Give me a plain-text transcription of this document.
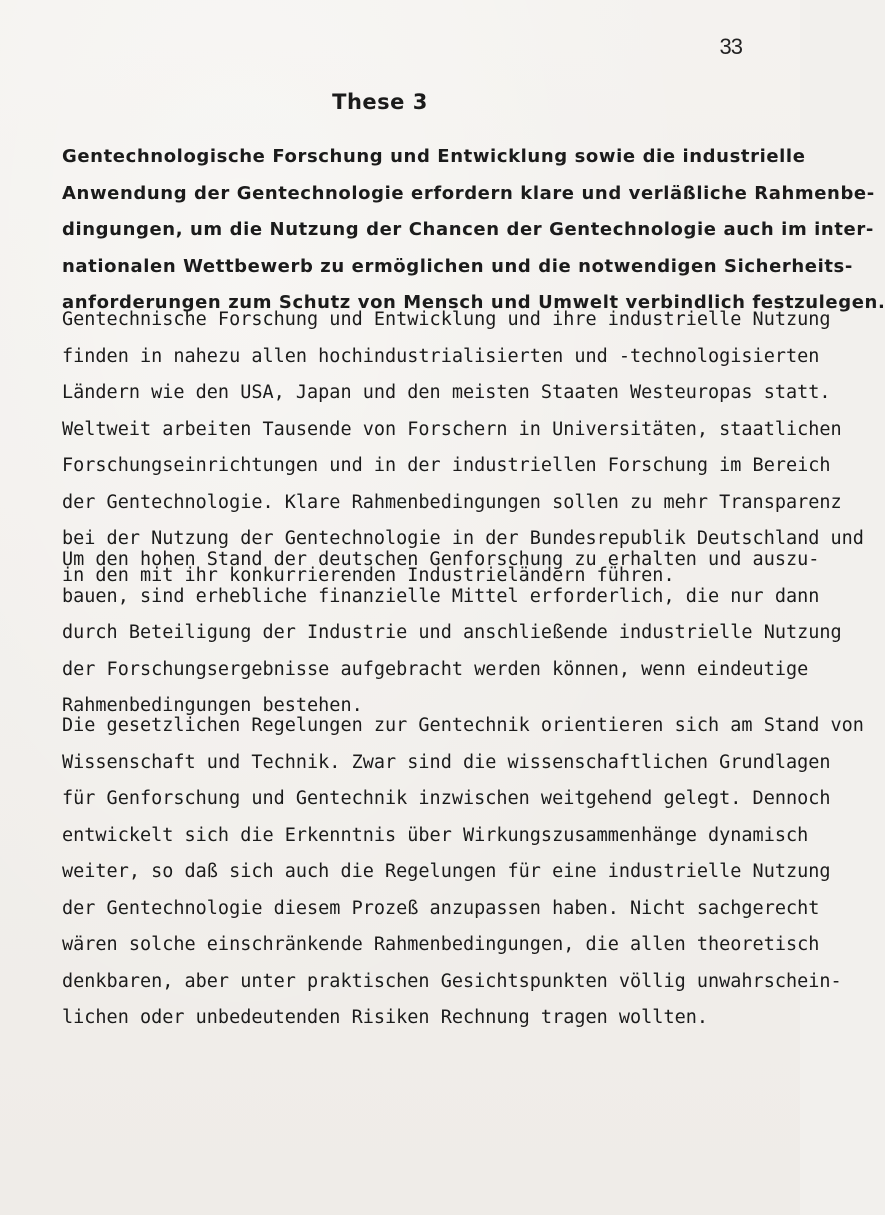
33
These 3
Gentechnologische Forschung und Entwicklung sowie die industrielle
Anwendung der Gentechnologie erfordern klare und verläßliche Rahmenbe-
dingungen, um die Nutzung der Chancen der Gentechnologie auch im inter-
nationalen Wettbewerb zu ermöglichen und die notwendigen Sicherheits-
anforderungen zum Schutz von Mensch und Umwelt verbindlich festzulegen.
Gentechnische Forschung und Entwicklung und ihre industrielle Nutzung
finden in nahezu allen hochindustrialisierten und -technologisierten
Ländern wie den USA, Japan und den meisten Staaten Westeuropas statt.
Weltweit arbeiten Tausende von Forschern in Universitäten, staatlichen
Forschungseinrichtungen und in der industriellen Forschung im Bereich
der Gentechnologie. Klare Rahmenbedingungen sollen zu mehr Transparenz
bei der Nutzung der Gentechnologie in der Bundesrepublik Deutschland und
in den mit ihr konkurrierenden Industrieländern führen.
Um den hohen Stand der deutschen Genforschung zu erhalten und auszu-
bauen, sind erhebliche finanzielle Mittel erforderlich, die nur dann
durch Beteiligung der Industrie und anschließende industrielle Nutzung
der Forschungsergebnisse aufgebracht werden können, wenn eindeutige
Rahmenbedingungen bestehen.
Die gesetzlichen Regelungen zur Gentechnik orientieren sich am Stand von
Wissenschaft und Technik. Zwar sind die wissenschaftlichen Grundlagen
für Genforschung und Gentechnik inzwischen weitgehend gelegt. Dennoch
entwickelt sich die Erkenntnis über Wirkungszusammenhänge dynamisch
weiter, so daß sich auch die Regelungen für eine industrielle Nutzung
der Gentechnologie diesem Prozeß anzupassen haben. Nicht sachgerecht
wären solche einschränkende Rahmenbedingungen, die allen theoretisch
denkbaren, aber unter praktischen Gesichtspunkten völlig unwahrschein-
lichen oder unbedeutenden Risiken Rechnung tragen wollten.
